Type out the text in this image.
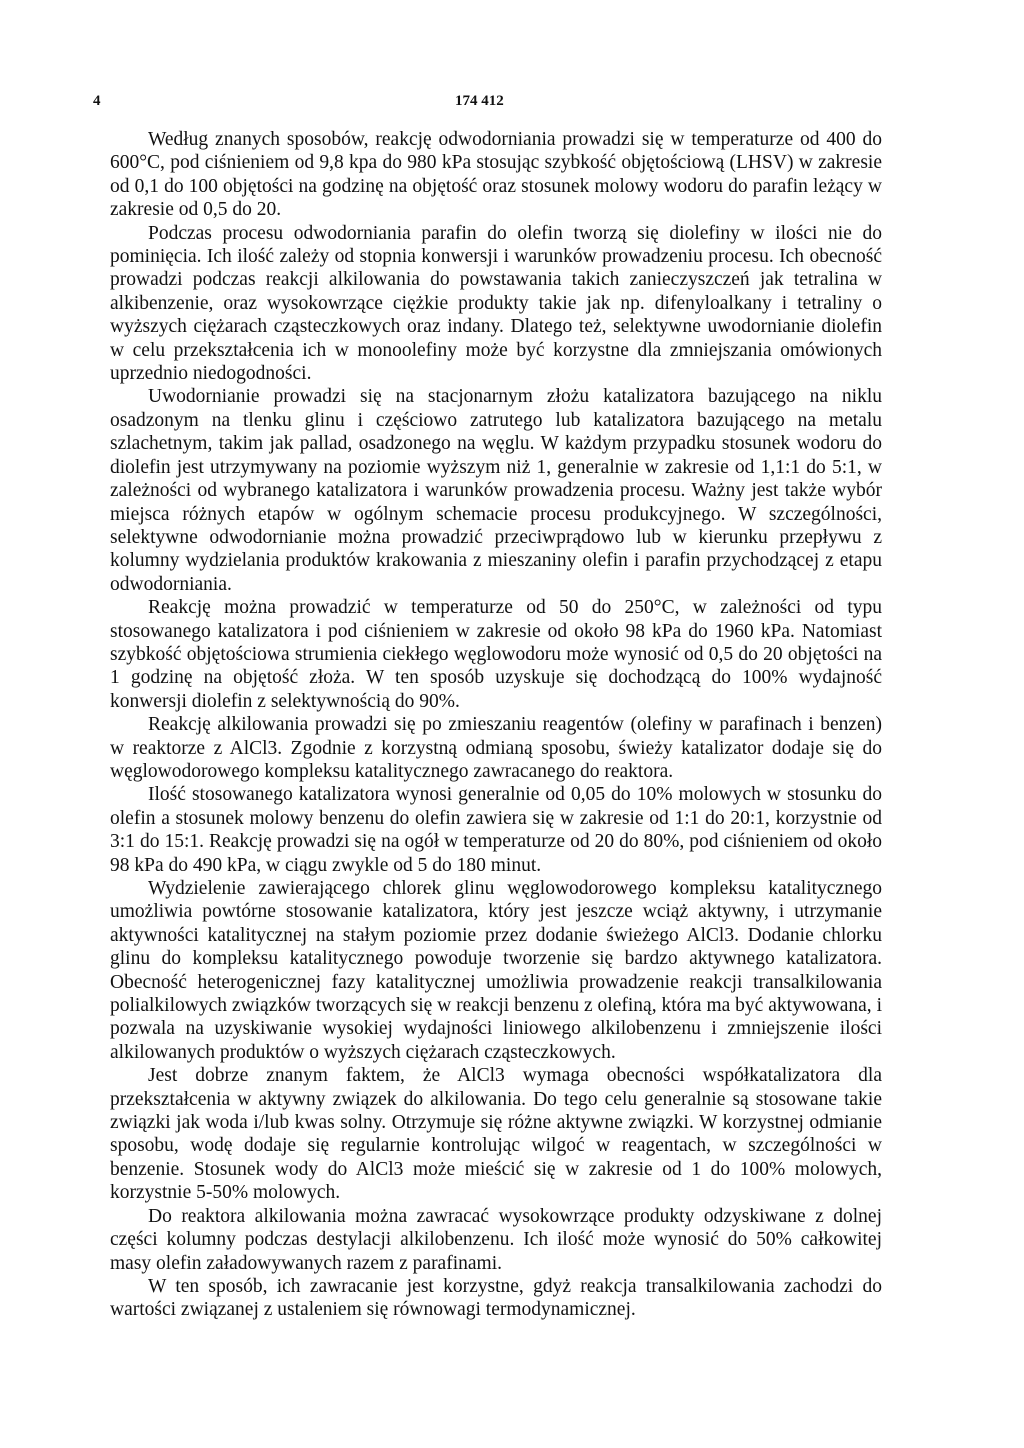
4	174 412

Według znanych sposobów, reakcję odwodorniania prowadzi się w temperaturze od 400 do 600°C, pod ciśnieniem od 9,8 kpa do 980 kPa stosując szybkość objętościową (LHSV) w zakresie od 0,1 do 100 objętości na godzinę na objętość oraz stosunek molowy wodoru do parafin leżący w zakresie od 0,5 do 20.

Podczas procesu odwodorniania parafin do olefin tworzą się diolefiny w ilości nie do pominięcia. Ich ilość zależy od stopnia konwersji i warunków prowadzeniu procesu. Ich obecność prowadzi podczas reakcji alkilowania do powstawania takich zanieczyszczeń jak tetralina w alkibenzenie, oraz wysokowrzące ciężkie produkty takie jak np. difenyloalkany i tetraliny o wyższych ciężarach cząsteczkowych oraz indany. Dlatego też, selektywne uwodornianie diolefin w celu przekształcenia ich w monoolefiny może być korzystne dla zmniejszania omówionych uprzednio niedogodności.

Uwodornianie prowadzi się na stacjonarnym złożu katalizatora bazującego na niklu osadzonym na tlenku glinu i częściowo zatrutego lub katalizatora bazującego na metalu szlachetnym, takim jak pallad, osadzonego na węglu. W każdym przypadku stosunek wodoru do diolefin jest utrzymywany na poziomie wyższym niż 1, generalnie w zakresie od 1,1:1 do 5:1, w zależności od wybranego katalizatora i warunków prowadzenia procesu. Ważny jest także wybór miejsca różnych etapów w ogólnym schemacie procesu produkcyjnego. W szczególności, selektywne odwodornianie można prowadzić przeciwprądowo lub w kierunku przepływu z kolumny wydzielania produktów krakowania z mieszaniny olefin i parafin przychodzącej z etapu odwodorniania.

Reakcję można prowadzić w temperaturze od 50 do 250°C, w zależności od typu stosowanego katalizatora i pod ciśnieniem w zakresie od około 98 kPa do 1960 kPa. Natomiast szybkość objętościowa strumienia ciekłego węglowodoru może wynosić od 0,5 do 20 objętości na 1 godzinę na objętość złoża. W ten sposób uzyskuje się dochodzącą do 100% wydajność konwersji diolefin z selektywnością do 90%.

Reakcję alkilowania prowadzi się po zmieszaniu reagentów (olefiny w parafinach i benzen) w reaktorze z AlCl3. Zgodnie z korzystną odmianą sposobu, świeży katalizator dodaje się do węglowodorowego kompleksu katalitycznego zawracanego do reaktora.

Ilość stosowanego katalizatora wynosi generalnie od 0,05 do 10% molowych w stosunku do olefin a stosunek molowy benzenu do olefin zawiera się w zakresie od 1:1 do 20:1, korzystnie od 3:1 do 15:1. Reakcję prowadzi się na ogół w temperaturze od 20 do 80%, pod ciśnieniem od około 98 kPa do 490 kPa, w ciągu zwykle od 5 do 180 minut.

Wydzielenie zawierającego chlorek glinu węglowodorowego kompleksu katalitycznego umożliwia powtórne stosowanie katalizatora, który jest jeszcze wciąż aktywny, i utrzymanie aktywności katalitycznej na stałym poziomie przez dodanie świeżego AlCl3. Dodanie chlorku glinu do kompleksu katalitycznego powoduje tworzenie się bardzo aktywnego katalizatora. Obecność heterogenicznej fazy katalitycznej umożliwia prowadzenie reakcji transalkilowania polialkilowych związków tworzących się w reakcji benzenu z olefiną, która ma być aktywowana, i pozwala na uzyskiwanie wysokiej wydajności liniowego alkilobenzenu i zmniejszenie ilości alkilowanych produktów o wyższych ciężarach cząsteczkowych.

Jest dobrze znanym faktem, że AlCl3 wymaga obecności współkatalizatora dla przekształcenia w aktywny związek do alkilowania. Do tego celu generalnie są stosowane takie związki jak woda i/lub kwas solny. Otrzymuje się różne aktywne związki. W korzystnej odmianie sposobu, wodę dodaje się regularnie kontrolując wilgoć w reagentach, w szczególności w benzenie. Stosunek wody do AlCl3 może mieścić się w zakresie od 1 do 100% molowych, korzystnie 5-50% molowych.

Do reaktora alkilowania można zawracać wysokowrzące produkty odzyskiwane z dolnej części kolumny podczas destylacji alkilobenzenu. Ich ilość może wynosić do 50% całkowitej masy olefin załadowywanych razem z parafinami.

W ten sposób, ich zawracanie jest korzystne, gdyż reakcja transalkilowania zachodzi do wartości związanej z ustaleniem się równowagi termodynamicznej.
